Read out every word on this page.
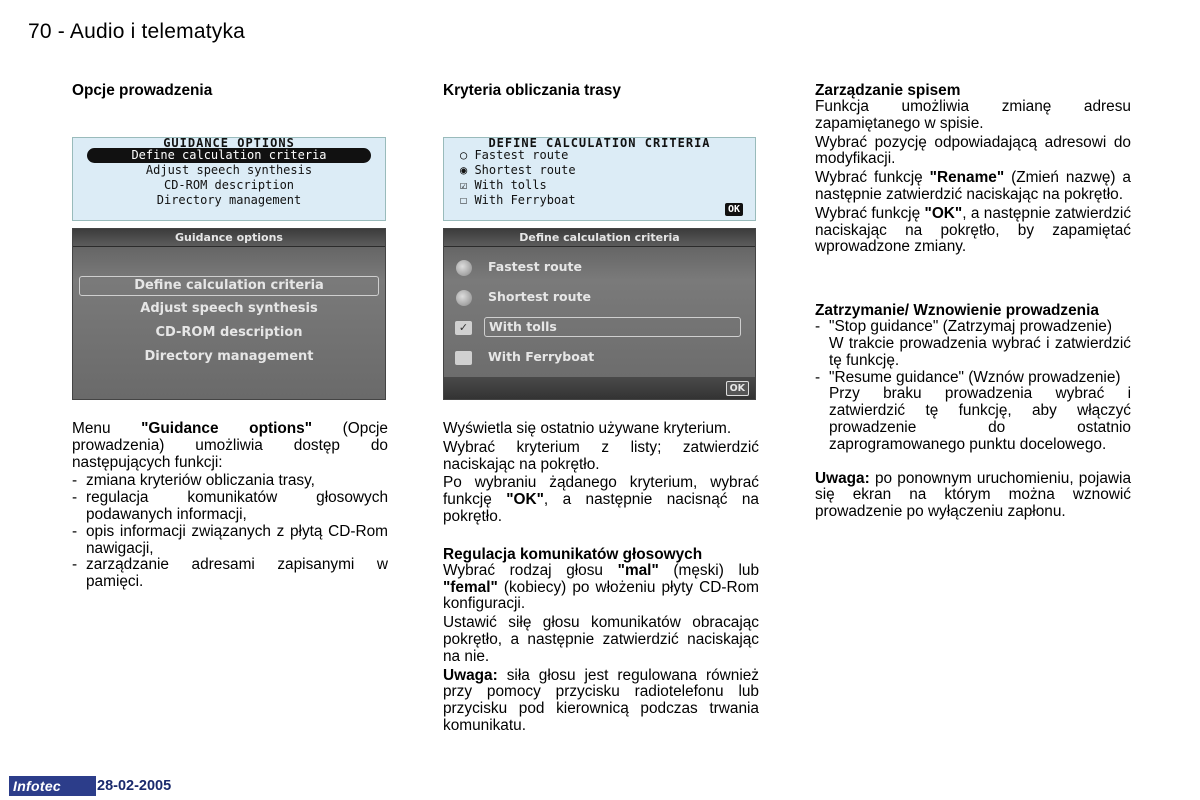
70 - Audio i telematyka
GUIDANCE OPTIONS
Define calculation criteria
Adjust speech synthesis
CD-ROM description
Directory management
Guidance options
Define calculation criteria
Adjust speech synthesis
CD-ROM description
Directory management
DEFINE CALCULATION CRITERIA
○ Fastest route
◉ Shortest route
☑ With tolls
☐ With Ferryboat
OK
Define calculation criteria
Fastest route
Shortest route
✓	With tolls
With Ferryboat
OK
Opcje prowadzenia

Menu "Guidance options" (Opcje prowadzenia) umożliwia dostęp do następujących funkcji:

- zmiana kryteriów obliczania trasy,
- regulacja komunikatów głosowych podawanych informacji,
- opis informacji związanych z płytą CD-Rom nawigacji,
- zarządzanie adresami zapisanymi w pamięci.
Kryteria obliczania trasy

Wyświetla się ostatnio używane kryterium.

Wybrać kryterium z listy; zatwierdzić naciskając na pokrętło.

Po wybraniu żądanego kryterium, wybrać funkcję "OK", a następnie nacisnąć na pokrętło.

Regulacja komunikatów głosowych

Wybrać rodzaj głosu "mal" (męski) lub "femal" (kobiecy) po włożeniu płyty CD-Rom konfiguracji.

Ustawić siłę głosu komunikatów obracając pokrętło, a następnie zatwierdzić naciskając na nie.

Uwaga: siła głosu jest regulowana również przy pomocy przycisku radiotelefonu lub przycisku pod kierownicą podczas trwania komunikatu.

Zarządzanie spisem

Funkcja umożliwia zmianę adresu zapamiętanego w spisie.

Wybrać pozycję odpowiadającą adresowi do modyfikacji.

Wybrać funkcję "Rename" (Zmień nazwę) a następnie zatwierdzić naciskając na pokrętło.

Wybrać funkcję "OK", a następnie zatwierdzić naciskając na pokrętło, by zapamiętać wprowadzone zmiany.

Zatrzymanie/ Wznowienie prowadzenia
- "Stop guidance" (Zatrzymaj prowadzenie)
W trakcie prowadzenia wybrać i zatwierdzić tę funkcję.
- "Resume guidance" (Wznów prowadzenie)
Przy braku prowadzenia wybrać i zatwierdzić tę funkcję, aby włączyć prowadzenie do ostatnio zaprogramowanego punktu docelowego.

Uwaga: po ponownym uruchomieniu, pojawia się ekran na którym można wznowić prowadzenie po wyłączeniu zapłonu.

Infotec	28-02-2005
